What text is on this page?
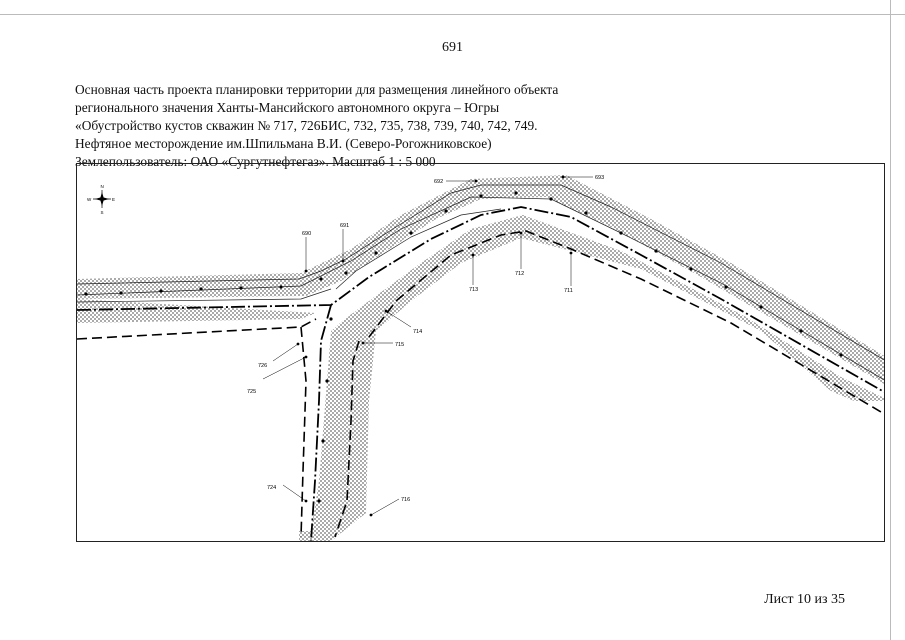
691
Основная часть проекта планировки территории для размещения линейного объекта
регионального значения Ханты-Мансийского автономного округа – Югры
«Обустройство кустов скважин № 717, 726БИС, 732, 735, 738, 739, 740, 742, 749.
Нефтяное месторождение им.Шпильмана В.И. (Северо-Рогожниковское)
Землепользователь: ОАО «Сургутнефтегаз». Масштаб 1 : 5 000
690
691
692
693
711
712
713
714
715
716
724
725
726
N
S
W	E
Лист 10 из 35
